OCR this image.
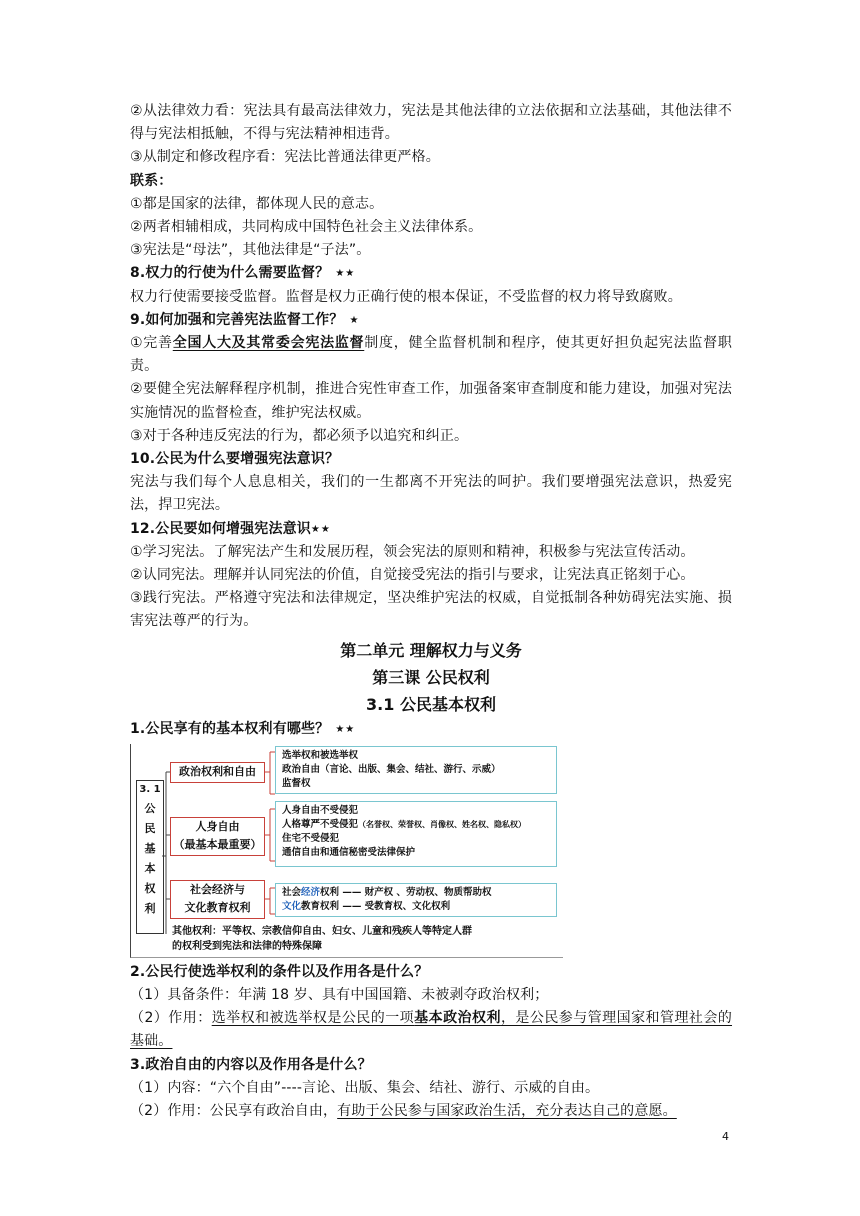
②从法律效力看：宪法具有最高法律效力，宪法是其他法律的立法依据和立法基础，其他法律不得与宪法相抵触，不得与宪法精神相违背。

③从制定和修改程序看：宪法比普通法律更严格。

联系：

①都是国家的法律，都体现人民的意志。

②两者相辅相成，共同构成中国特色社会主义法律体系。

③宪法是“母法”，其他法律是“子法”。

8.权力的行使为什么需要监督？ ★★

权力行使需要接受监督。监督是权力正确行使的根本保证，不受监督的权力将导致腐败。

9.如何加强和完善宪法监督工作？ ★

①完善全国人大及其常委会宪法监督制度，健全监督机制和程序，使其更好担负起宪法监督职责。

②要健全宪法解释程序机制，推进合宪性审查工作，加强备案审查制度和能力建设，加强对宪法实施情况的监督检查，维护宪法权威。

③对于各种违反宪法的行为，都必须予以追究和纠正。

10.公民为什么要增强宪法意识？

宪法与我们每个人息息相关，我们的一生都离不开宪法的呵护。我们要增强宪法意识，热爱宪法，捍卫宪法。

12.公民要如何增强宪法意识★★

①学习宪法。了解宪法产生和发展历程，领会宪法的原则和精神，积极参与宪法宣传活动。

②认同宪法。理解并认同宪法的价值，自觉接受宪法的指引与要求，让宪法真正铭刻于心。

③践行宪法。严格遵守宪法和法律规定，坚决维护宪法的权威，自觉抵制各种妨碍宪法实施、损害宪法尊严的行为。

第二单元 理解权力与义务

第三课 公民权利

3.1 公民基本权利

1.公民享有的基本权利有哪些？ ★★

3. 1
公
民
基
本
权
利
政治权利和自由
选举权和被选举权
政治自由（言论、出版、集会、结社、游行、示威）
监督权
人身自由
（最基本最重要）
人身自由不受侵犯
人格尊严不受侵犯（名誉权、荣誉权、肖像权、姓名权、隐私权）
住宅不受侵犯
通信自由和通信秘密受法律保护
社会经济与
文化教育权利
社会经济权利 —— 财产权 、劳动权、物质帮助权
文化教育权利 —— 受教育权、文化权利
其他权利：平等权、宗教信仰自由、妇女、儿童和残疾人等特定人群
的权利受到宪法和法律的特殊保障

2.公民行使选举权利的条件以及作用各是什么？

（1）具备条件：年满 18 岁、具有中国国籍、未被剥夺政治权利；

（2）作用：选举权和被选举权是公民的一项基本政治权利，是公民参与管理国家和管理社会的基础。

3.政治自由的内容以及作用各是什么？

（1）内容：“六个自由”----言论、出版、集会、结社、游行、示威的自由。

（2）作用：公民享有政治自由，有助于公民参与国家政治生活，充分表达自己的意愿。

4
